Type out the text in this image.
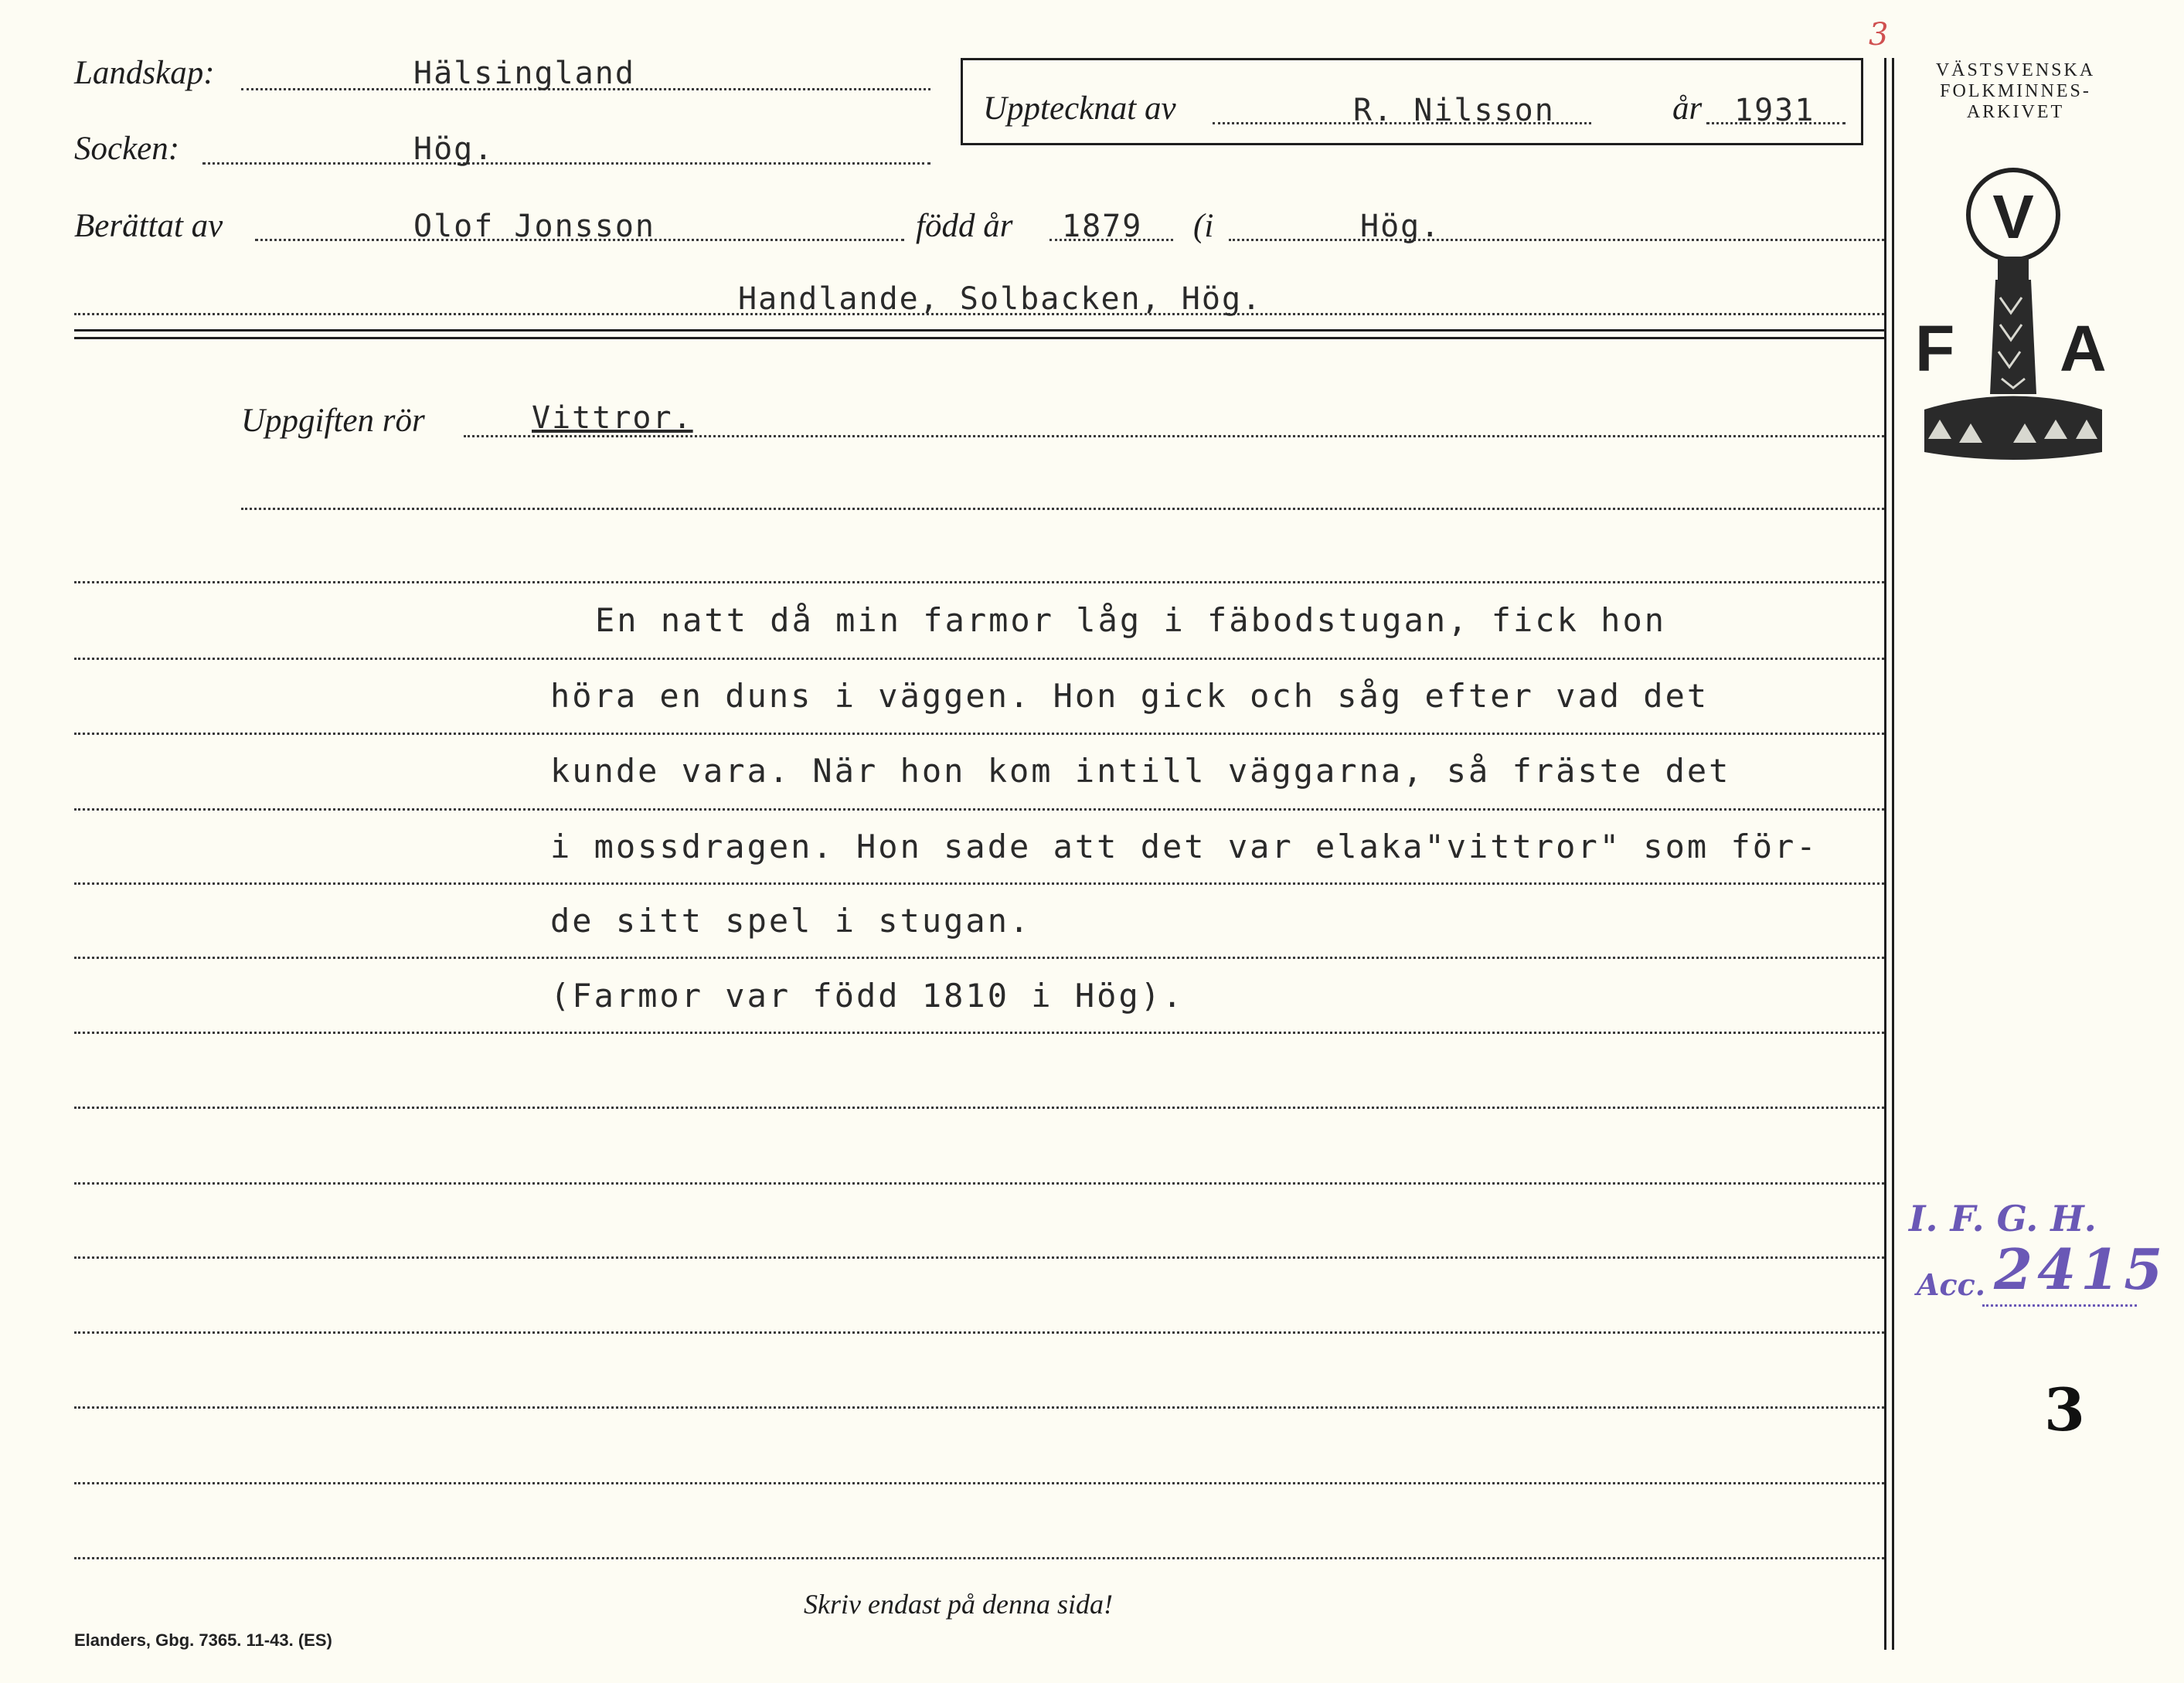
Landskap:	Hälsingland
Socken:	Hög.
Upptecknat av	R. Nilsson	år 1931
Berättat av	Olof Jonsson	född år 1879 (i	Hög.
Handlande, Solbacken, Hög.
Uppgiften rör	Vittror.
En natt då min farmor låg i fäbodstugan, fick hon
höra en duns i väggen. Hon gick och såg efter vad det
kunde vara. När hon kom intill väggarna, så fräste det
i mossdragen. Hon sade att det var elaka"vittror" som för-
de sitt spel i stugan.
(Farmor var född 1810 i Hög).
Skriv endast på denna sida!
Elanders, Gbg. 7365. 11-43. (ES)
3
VÄSTSVENSKA
FOLKMINNES-
ARKIVET
V
F A
I. F. G. H.
Acc. 2415
3
